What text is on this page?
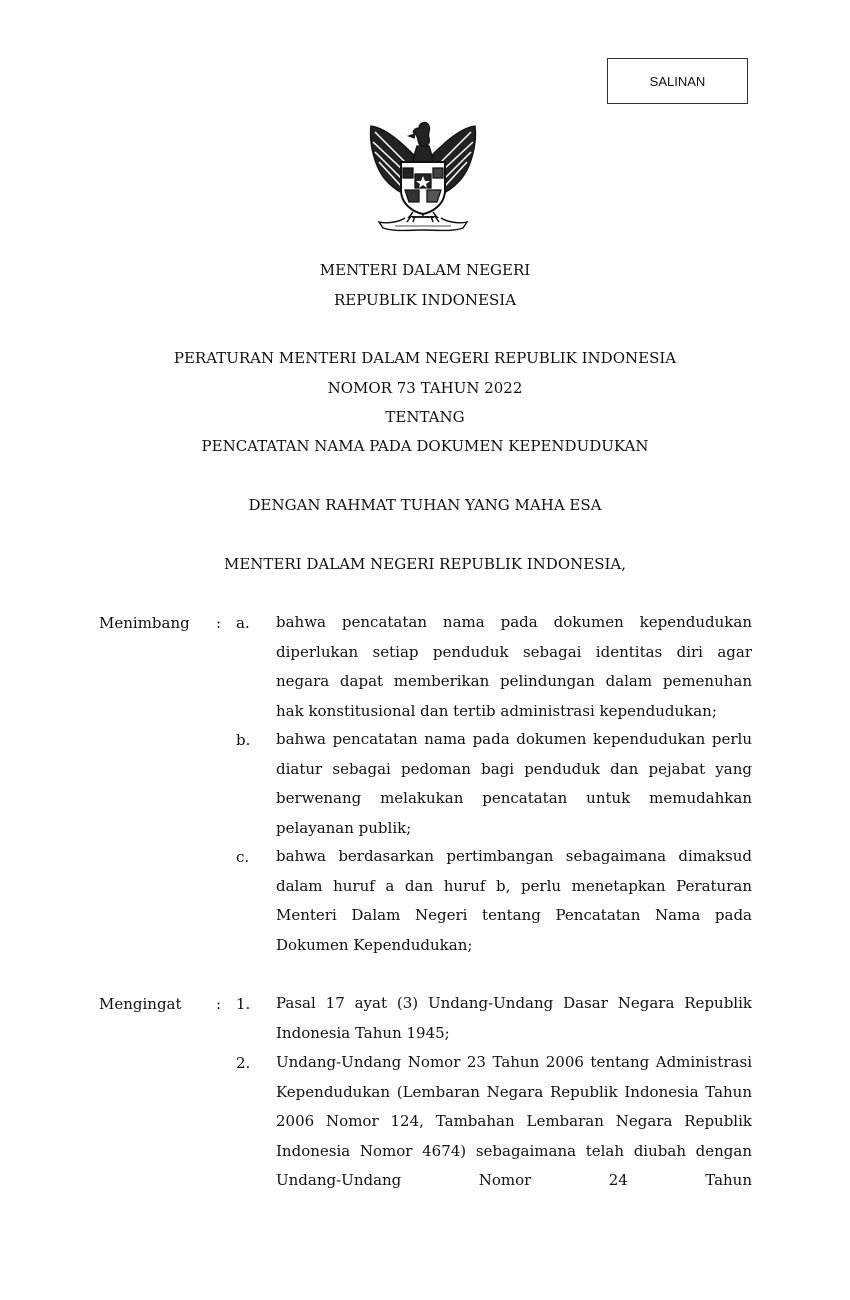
SALINAN
MENTERI DALAM NEGERI
REPUBLIK INDONESIA
PERATURAN MENTERI DALAM NEGERI REPUBLIK INDONESIA
NOMOR 73 TAHUN 2022
TENTANG
PENCATATAN NAMA PADA DOKUMEN KEPENDUDUKAN
DENGAN RAHMAT TUHAN YANG MAHA ESA
MENTERI DALAM NEGERI REPUBLIK INDONESIA,
Menimbang : a. bahwa pencatatan nama pada dokumen kependudukan diperlukan setiap penduduk sebagai identitas diri agar negara dapat memberikan pelindungan dalam pemenuhan hak konstitusional dan tertib administrasi kependudukan;
b. bahwa pencatatan nama pada dokumen kependudukan perlu diatur sebagai pedoman bagi penduduk dan pejabat yang berwenang melakukan pencatatan untuk memudahkan pelayanan publik;
c. bahwa berdasarkan pertimbangan sebagaimana dimaksud dalam huruf a dan huruf b, perlu menetapkan Peraturan Menteri Dalam Negeri tentang Pencatatan Nama pada Dokumen Kependudukan;
Mengingat : 1. Pasal 17 ayat (3) Undang-Undang Dasar Negara Republik Indonesia Tahun 1945;
2. Undang-Undang Nomor 23 Tahun 2006 tentang Administrasi Kependudukan (Lembaran Negara Republik Indonesia Tahun 2006 Nomor 124, Tambahan Lembaran Negara Republik Indonesia Nomor 4674) sebagaimana telah diubah dengan Undang-Undang Nomor 24 Tahun
